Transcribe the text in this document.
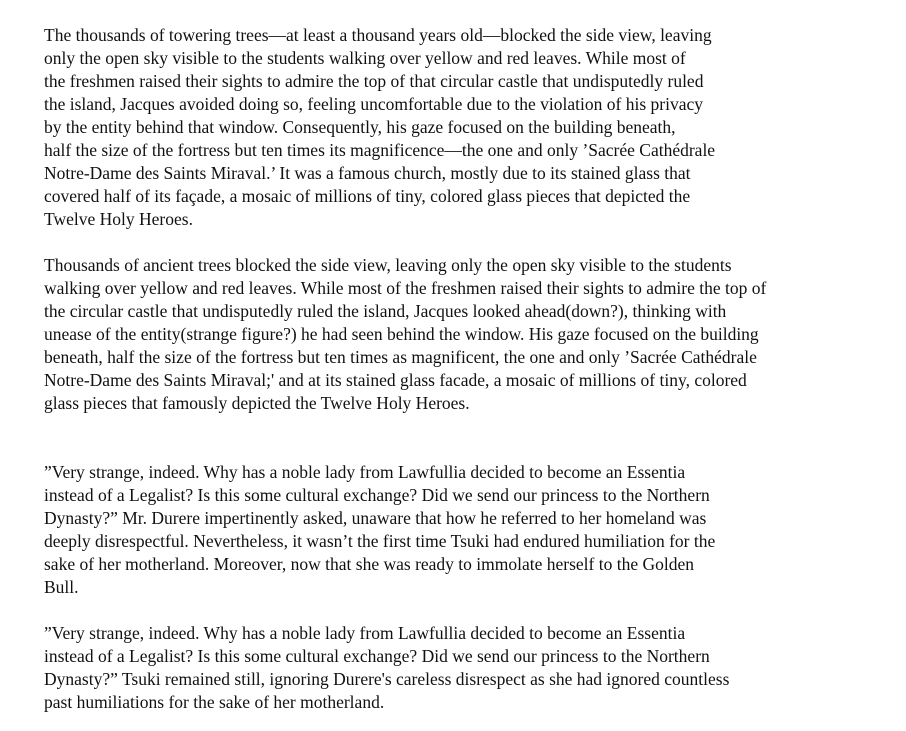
The thousands of towering trees—at least a thousand years old—blocked the side view, leaving
only the open sky visible to the students walking over yellow and red leaves. While most of
the freshmen raised their sights to admire the top of that circular castle that undisputedly ruled
the island, Jacques avoided doing so, feeling uncomfortable due to the violation of his privacy
by the entity behind that window. Consequently, his gaze focused on the building beneath,
half the size of the fortress but ten times its magnificence—the one and only ’Sacrée Cathédrale
Notre-Dame des Saints Miraval.’ It was a famous church, mostly due to its stained glass that
covered half of its façade, a mosaic of millions of tiny, colored glass pieces that depicted the
Twelve Holy Heroes.
Thousands of ancient trees blocked the side view, leaving only the open sky visible to the students
walking over yellow and red leaves. While most of the freshmen raised their sights to admire the top of
the circular castle that undisputedly ruled the island, Jacques looked ahead(down?), thinking with
unease of the entity(strange figure?) he had seen behind the window. His gaze focused on the building
beneath, half the size of the fortress but ten times as magnificent, the one and only ’Sacrée Cathédrale
Notre-Dame des Saints Miraval;' and at its stained glass facade, a mosaic of millions of tiny, colored
glass pieces that famously depicted the Twelve Holy Heroes.
”Very strange, indeed. Why has a noble lady from Lawfullia decided to become an Essentia
instead of a Legalist? Is this some cultural exchange? Did we send our princess to the Northern
Dynasty?” Mr. Durere impertinently asked, unaware that how he referred to her homeland was
deeply disrespectful. Nevertheless, it wasn’t the first time Tsuki had endured humiliation for the
sake of her motherland. Moreover, now that she was ready to immolate herself to the Golden
Bull.
”Very strange, indeed. Why has a noble lady from Lawfullia decided to become an Essentia
instead of a Legalist? Is this some cultural exchange? Did we send our princess to the Northern
Dynasty?” Tsuki remained still, ignoring Durere's careless disrespect as she had ignored countless
past humiliations for the sake of her motherland.
